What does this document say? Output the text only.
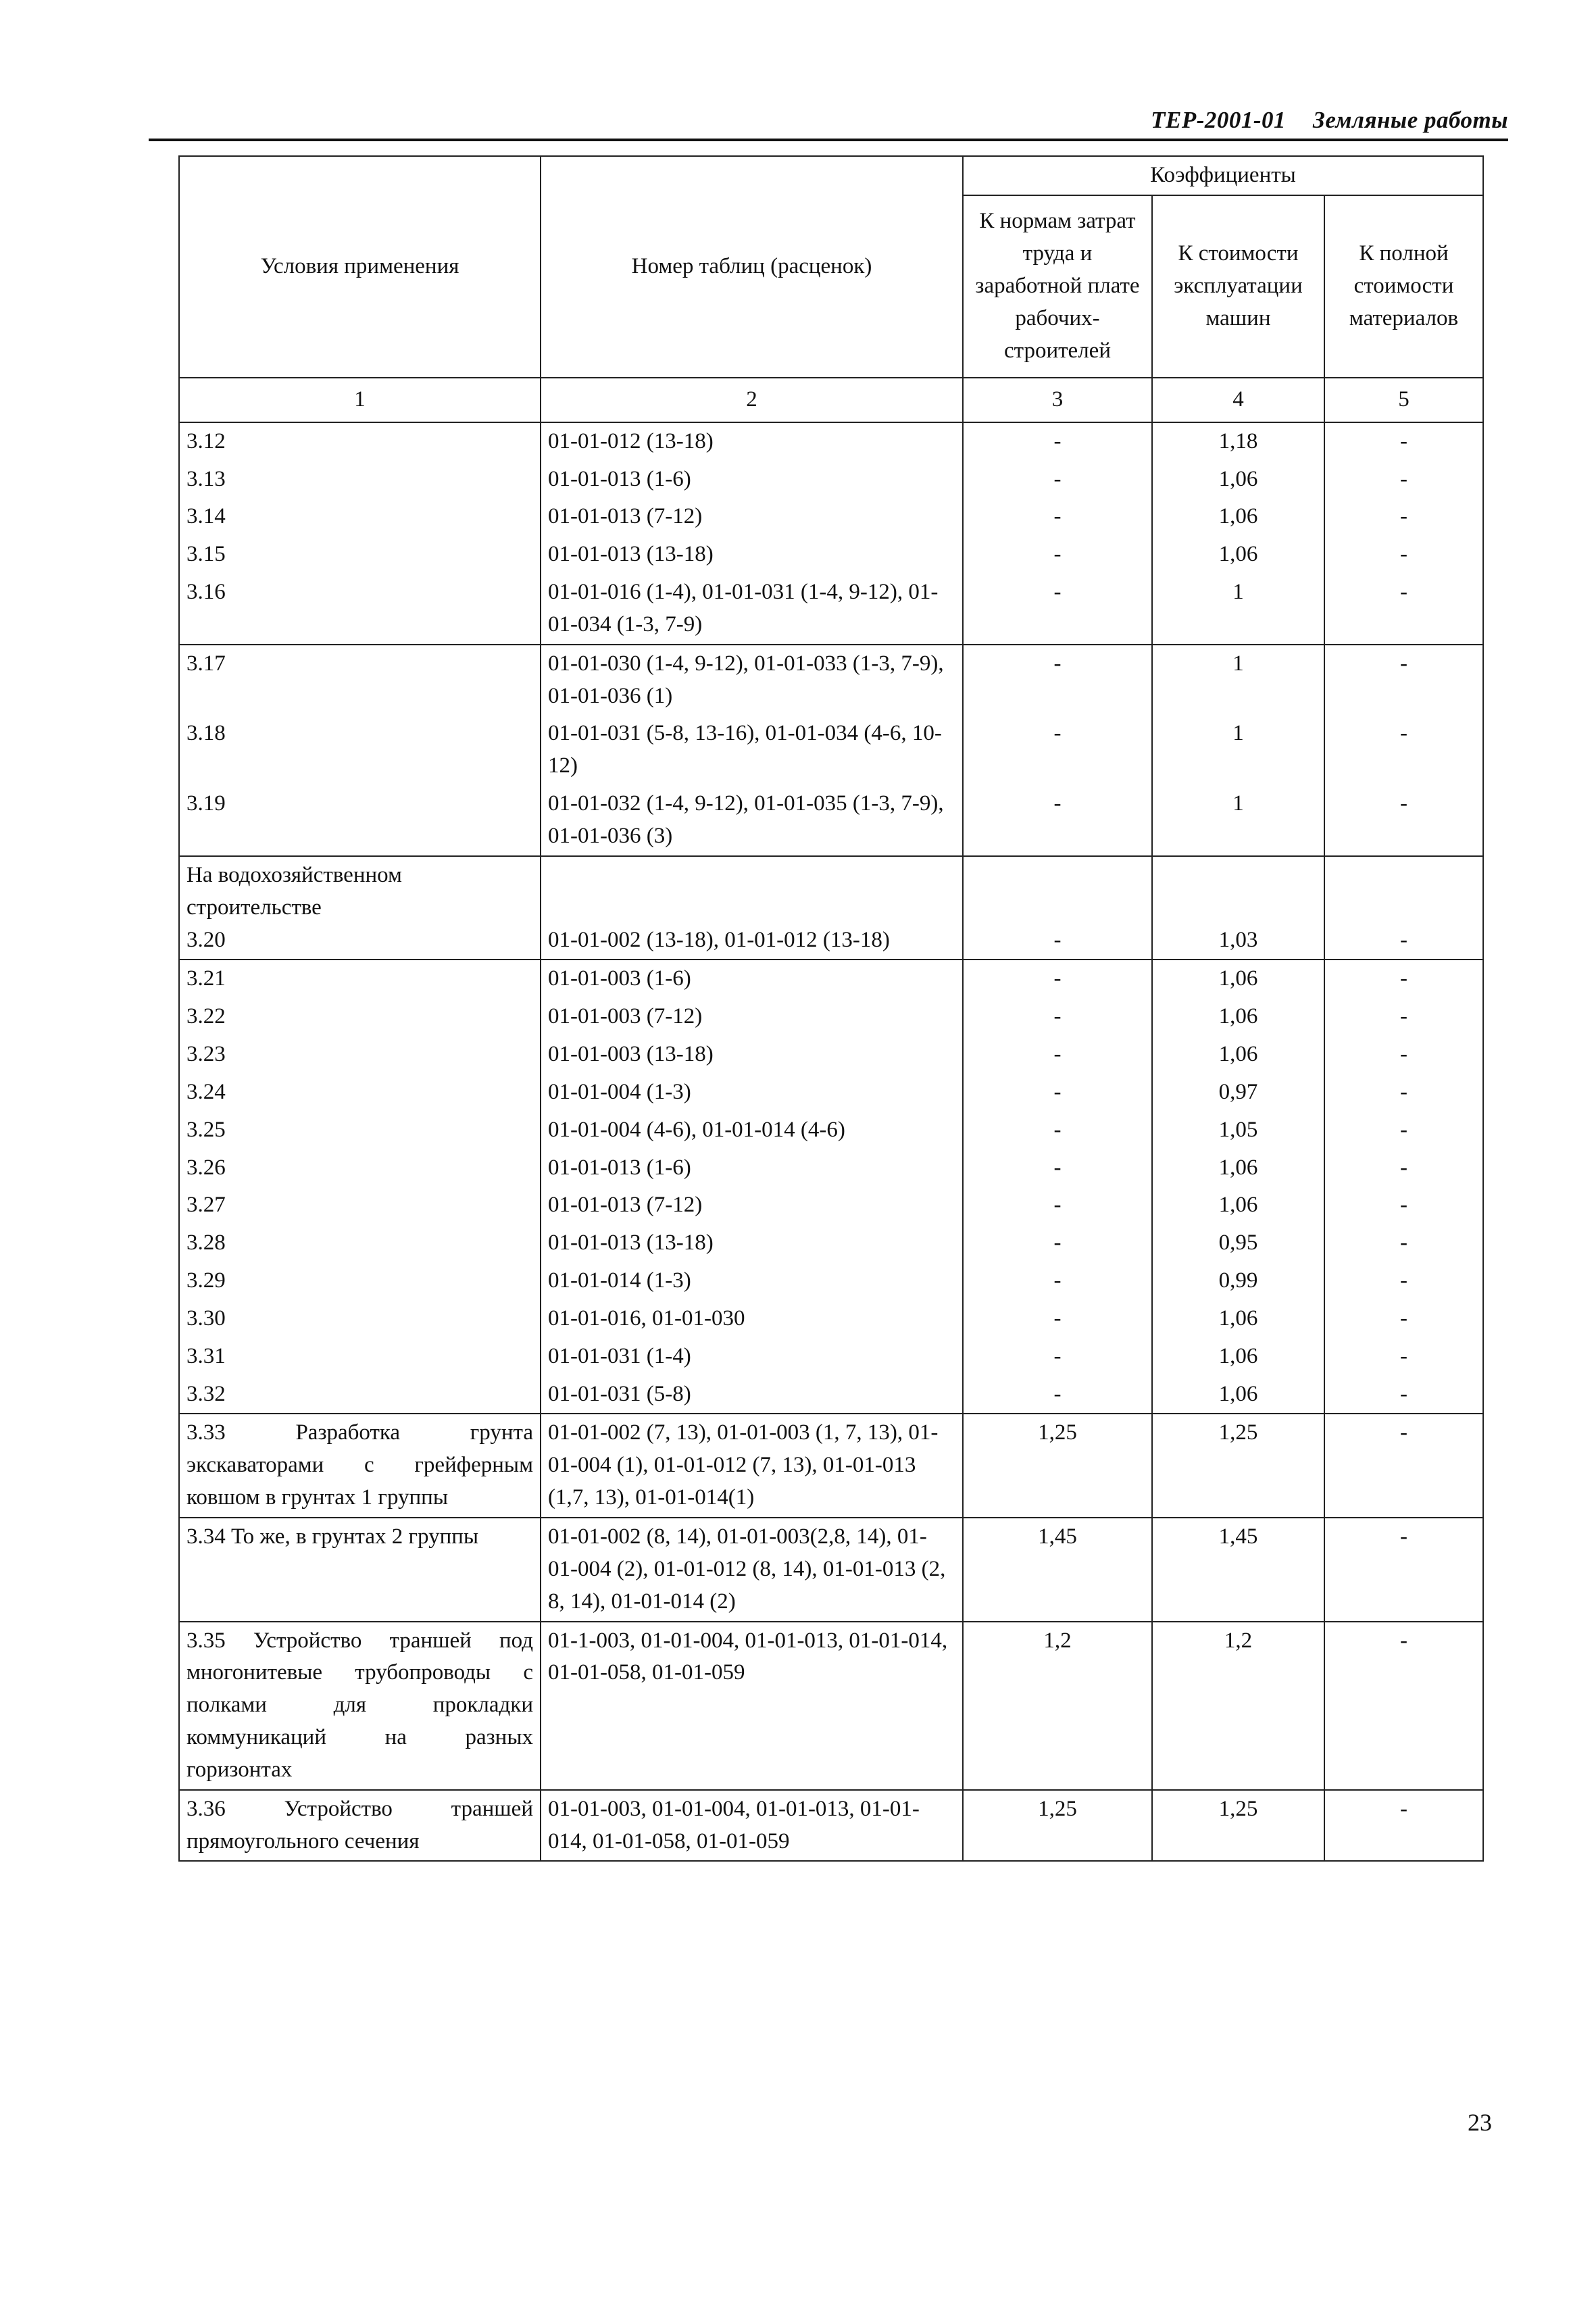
ТЕР-2001-01 Земляные работы
Условия применения	Номер таблиц (расценок)	Коэффициенты		
		К нормам затрат труда и заработной плате рабочих-строителей	К стоимости эксплуатации машин	К полной стоимости материалов
1	2	3	4	5
3.12	01-01-012 (13-18)	-	1,18	-
3.13	01-01-013 (1-6)	-	1,06	-
3.14	01-01-013 (7-12)	-	1,06	-
3.15	01-01-013 (13-18)	-	1,06	-
3.16	01-01-016 (1-4), 01-01-031 (1-4, 9-12), 01-01-034 (1-3, 7-9)	-	1	-
3.17	01-01-030 (1-4, 9-12), 01-01-033 (1-3, 7-9), 01-01-036 (1)	-	1	-
3.18	01-01-031 (5-8, 13-16), 01-01-034 (4-6, 10-12)	-	1	-
3.19	01-01-032 (1-4, 9-12), 01-01-035 (1-3, 7-9), 01-01-036 (3)	-	1	-

На водохозяйственном строительстве
3.20	01-01-002 (13-18), 01-01-012 (13-18)	-	1,03	-
3.21	01-01-003 (1-6)	-	1,06	-
3.22	01-01-003 (7-12)	-	1,06	-
3.23	01-01-003 (13-18)	-	1,06	-
3.24	01-01-004 (1-3)	-	0,97	-
3.25	01-01-004 (4-6), 01-01-014 (4-6)	-	1,05	-
3.26	01-01-013 (1-6)	-	1,06	-
3.27	01-01-013 (7-12)	-	1,06	-
3.28	01-01-013 (13-18)	-	0,95	-
3.29	01-01-014 (1-3)	-	0,99	-
3.30	01-01-016, 01-01-030	-	1,06	-
3.31	01-01-031 (1-4)	-	1,06	-
3.32	01-01-031 (5-8)	-	1,06	-
3.33 Разработка грунта экскаваторами с грейферным ковшом в грунтах 1 группы	01-01-002 (7, 13), 01-01-003 (1, 7, 13), 01-01-004 (1), 01-01-012 (7, 13), 01-01-013 (1,7, 13), 01-01-014(1)	1,25	1,25	-
3.34 То же, в грунтах 2 группы	01-01-002 (8, 14), 01-01-003(2,8, 14), 01-01-004 (2), 01-01-012 (8, 14), 01-01-013 (2, 8, 14), 01-01-014 (2)	1,45	1,45	-
3.35 Устройство траншей под многонитевые трубопроводы с полками для прокладки коммуникаций на разных горизонтах	01-1-003, 01-01-004, 01-01-013, 01-01-014, 01-01-058, 01-01-059	1,2	1,2	-
3.36 Устройство траншей прямоугольного сечения	01-01-003, 01-01-004, 01-01-013, 01-01-014, 01-01-058, 01-01-059	1,25	1,25	-
23
